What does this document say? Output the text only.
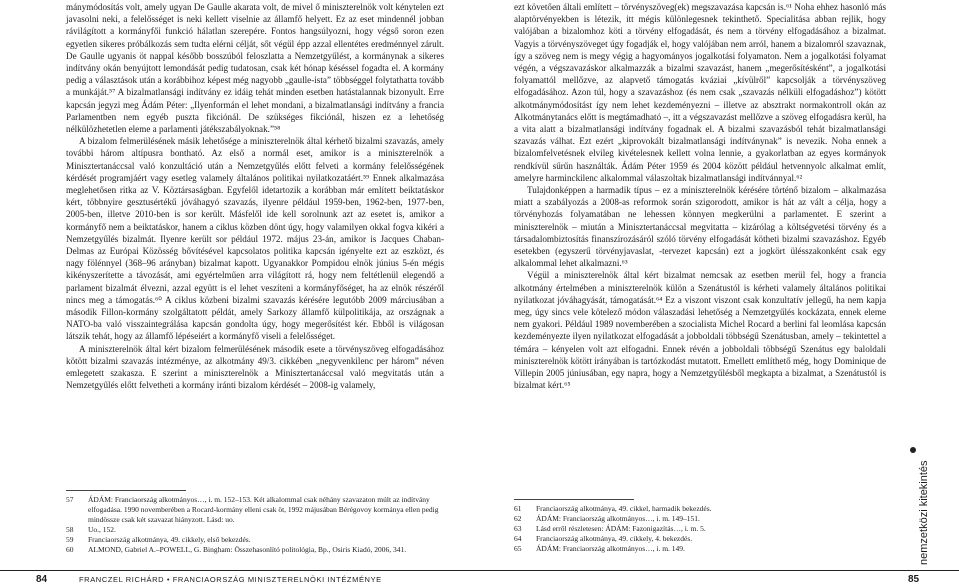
mánymódosítás volt, amely ugyan De Gaulle akarata volt, de mivel ő miniszterelnök volt kénytelen ezt javasolni neki, a felelősséget is neki kellett viselnie az államfő helyett. Ez az eset mindennél jobban rávilágított a kormányfői funkció hálatlan szerepére. Fontos hangsúlyozni, hogy végső soron ezen egyetlen sikeres próbálkozás sem tudta elérni célját, sőt végül épp azzal ellentétes eredménnyel zárult. De Gaulle ugyanis öt nappal később bosszúból feloszlatta a Nemzetgyűlést, a kormánynak a sikeres indítvány okán benyújtott lemondását pedig tudatosan, csak két hónap késéssel fogadta el. A kormány pedig a választások után a korábbihoz képest még nagyobb „gaulle-ista” többséggel folytathatta tovább a munkáját.⁵⁷ A bizalmatlansági indítvány ez idáig tehát minden esetben hatástalannak bizonyult. Erre kapcsán jegyzi meg Ádám Péter: „Ilyenformán el lehet mondani, a bizalmatlansági indítvány a francia Parlamentben nem egyéb puszta fikciónál. De szükséges fikciónál, hiszen ez a lehetőség nélkülözhetetlen eleme a parlamenti játékszabályoknak.”⁵⁸

A bizalom felmerülésének másik lehetősége a miniszterelnök által kérhető bizalmi szavazás, amely további három altípusra bontható. Az első a normál eset, amikor is a miniszterelnök a Minisztertanáccsal való konzultáció után a Nemzetgyűlés előtt felveti a kormány felelősségének kérdését programjáért vagy esetleg valamely általános politikai nyilatkozatáért.⁵⁹ Ennek alkalmazása meglehetősen ritka az V. Köztársaságban. Egyfelől idetartozik a korábban már említett beiktatáskor kért, többnyire gesztusértékű jóváhagyó szavazás, ilyenre például 1959-ben, 1962-ben, 1977-ben, 2005-ben, illetve 2010-ben is sor került. Másfelől ide kell sorolnunk azt az esetet is, amikor a kormányfő nem a beiktatáskor, hanem a ciklus közben dönt úgy, hogy valamilyen okkal fogva kikéri a Nemzetgyűlés bizalmát. Ilyenre került sor például 1972. május 23-án, amikor is Jacques Chaban-Delmas az Európai Közösség bővítésével kapcsolatos politika kapcsán igényelte ezt az eszközt, és nagy fölénnyel (368–96 arányban) bizalmat kapott. Ugyanakkor Pompidou elnök június 5-én mégis kikényszerítette a távozását, ami egyértelműen arra világított rá, hogy nem feltétlenül elegendő a parlament bizalmát élvezni, azzal együtt is el lehet veszíteni a kormányfőséget, ha az elnök részéről nincs meg a támogatás.⁶⁰ A ciklus közbeni bizalmi szavazás kérésére legutóbb 2009 márciusában a második Fillon-kormány szolgáltatott példát, amely Sarkozy államfő külpolitikája, az országnak a NATO-ba való visszaintegrálása kapcsán gondolta úgy, hogy megerősítést kér. Ebből is világosan látszik tehát, hogy az államfő lépéseiért a kormányfő viseli a felelősséget.

A miniszterelnök által kért bizalom felmerülésének második esete a törvényszöveg elfogadásához kötött bizalmi szavazás intézménye, az alkotmány 49/3. cikkében „negyvenkilenc per három” néven emlegetett szakasza. E szerint a miniszterelnök a Minisztertanáccsal való megvitatás után a Nemzetgyűlés előtt felvetheti a kormány iránti bizalom kérdését – 2008-ig valamely,

57	ÁDÁM: Franciaország alkotmányos…, i. m. 152–153. Két alkalommal csak néhány szavazaton múlt az indítvány elfogadása. 1990 novemberében a Rocard-kormány elleni csak öt, 1992 májusában Bérégovoy kormánya ellen pedig mindössze csak két szavazat hiányzott. Lásd: uo.
58	Uo., 152.
59	Franciaország alkotmánya, 49. cikkely, első bekezdés.
60	ALMOND, Gabriel A.–POWELL, G. Bingham: Összehasonlító politológia, Bp., Osiris Kiadó, 2006, 341.

ezt követően általi említett – törvényszöveg(ek) megszavazása kapcsán is.⁶¹ Noha ehhez hasonló más alaptörvényekben is létezik, itt mégis különlegesnek tekinthető. Specialitása abban rejlik, hogy valójában a bizalomhoz köti a törvény elfogadását, és nem a törvény elfogadásához a bizalmat. Vagyis a törvényszöveget úgy fogadják el, hogy valójában nem arról, hanem a bizalomról szavaznak, így a szöveg nem is megy végig a hagyományos jogalkotási folyamaton. Nem a jogalkotási folyamat végén, a végszavazáskor alkalmazzák a bizalmi szavazást, hanem „megerősítésként”, a jogalkotási folyamattól mellőzve, az alapvető támogatás kváziai „kívülről” kapcsolják a törvényszöveg elfogadásához. Azon túl, hogy a szavazáshoz (és nem csak „szavazás nélküli elfogadáshoz”) kötött alkotmánymódosítást így nem lehet kezdeményezni – illetve az absztrakt normakontroll okán az Alkotmánytanács előtt is megtámadható –, itt a végszavazást mellőzve a szöveg elfogadásra kerül, ha a vita alatt a bizalmatlansági indítvány fogadnak el. A bizalmi szavazásból tehát bizalmatlansági szavazás válhat. Ezt ezért „kiprovokált bizalmatlansági indítványnak” is nevezik. Noha ennek a bizalomfelvetésnek elvileg kivételesnek kellett volna lennie, a gyakorlatban az egyes kormányok rendkívül sűrűn használták. Ádám Péter 1959 és 2004 között például hetvennyolc alkalmat említ, amelyre harminckilenc alkalommal válaszoltak bizalmatlansági indítvánnyal.⁶²

Tulajdonképpen a harmadik típus – ez a miniszterelnök kérésére történő bizalom – alkalmazása miatt a szabályozás a 2008-as reformok során szigorodott, amikor is hát az vált a célja, hogy a törvényhozás folyamatában ne lehessen könnyen megkerülni a parlamentet. E szerint a miniszterelnök – miután a Minisztertanáccsal megvitatta – kizárólag a költségvetési törvény és a társadalombiztosítás finanszírozásáról szóló törvény elfogadását kötheti bizalmi szavazáshoz. Egyéb esetekben (egyszerű törvényjavaslat, -tervezet kapcsán) ezt a jogkört ülésszakonként csak egy alkalommal lehet alkalmazni.⁶³

Végül a miniszterelnök által kért bizalmat nemcsak az esetben merül fel, hogy a francia alkotmány értelmében a miniszterelnök külön a Szenátustól is kérheti valamely általános politikai nyilatkozat jóváhagyását, támogatását.⁶⁴ Ez a viszont viszont csak konzultatív jellegű, ha nem kapja meg, úgy sincs vele kötelező módon válaszadási lehetőség a Nemzetgyűlés kockázata, ennek eleme nem gyakori. Például 1989 novemberében a szocialista Michel Rocard a berlini fal leomlása kapcsán kezdeményezte ilyen nyilatkozat elfogadását a jobboldali többségű Szenátusban, amely – tekintettel a témára – kényelen volt azt elfogadni. Ennek révén a jobboldali többségű Szenátus egy baloldali miniszterelnök kötött irányában is tartózkodást mutatott. Emellett említhető még, hogy Dominique de Villepin 2005 júniusában, egy napra, hogy a Nemzetgyűlésből megkapta a bizalmat, a Szenátustól is bizalmat kért.⁶⁵

61	Franciaország alkotmánya, 49. cikkel, harmadik bekezdés.
62	ÁDÁM: Franciaország alkotmányos…, i. m. 149–151.
63	Lásd erről részletesen: ÁDÁM: Fazonigazítás…, i. m. 5.
64	Franciaország alkotmánya, 49. cikkely, 4. bekezdés.
65	ÁDÁM: Franciaország alkotmányos…, i. m. 149.	nemzetközi kitekintés
84	FRANCZEL RICHÁRD • FRANCIAORSZÁG MINISZTERELNÖKI INTÉZMÉNYE	85
